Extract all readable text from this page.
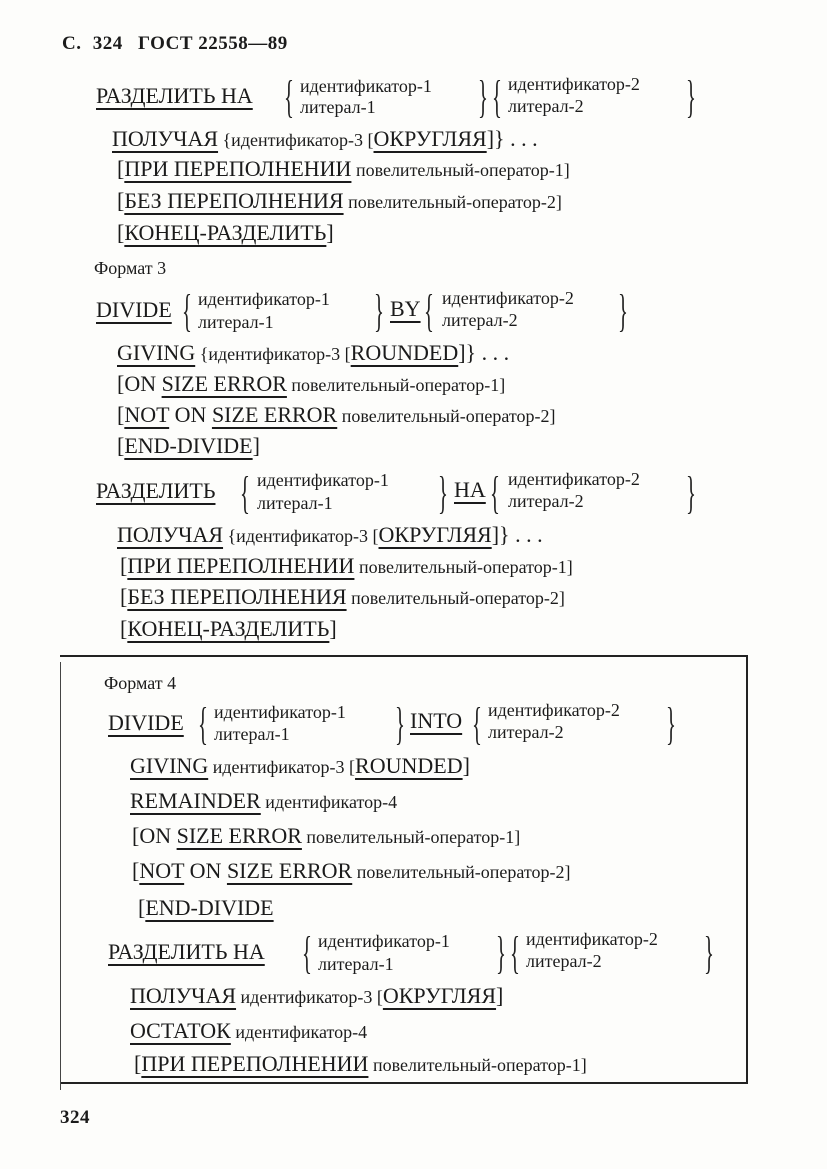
С. 324 ГОСТ 22558—89
РАЗДЕЛИТЬ НА { идентификатор-1
литерал-1 } { идентификатор-2
литерал-2 }
ПОЛУЧАЯ {идентификатор-3 [ОКРУГЛЯЯ]} . . .
[ПРИ ПЕРЕПОЛНЕНИИ повелительный-оператор-1]
[БЕЗ ПЕРЕПОЛНЕНИЯ повелительный-оператор-2]
[КОНЕЦ-РАЗДЕЛИТЬ]
Формат 3
DIVIDE { идентификатор-1
литерал-1 } BY { идентификатор-2
литерал-2 }
GIVING {идентификатор-3 [ROUNDED]} . . .
[ON SIZE ERROR повелительный-оператор-1]
[NOT ON SIZE ERROR повелительный-оператор-2]
[END-DIVIDE]
РАЗДЕЛИТЬ { идентификатор-1
литерал-1 } НА { идентификатор-2
литерал-2 }
ПОЛУЧАЯ {идентификатор-3 [ОКРУГЛЯЯ]} . . .
[ПРИ ПЕРЕПОЛНЕНИИ повелительный-оператор-1]
[БЕЗ ПЕРЕПОЛНЕНИЯ повелительный-оператор-2]
[КОНЕЦ-РАЗДЕЛИТЬ]
Формат 4
DIVIDE { идентификатор-1
литерал-1 } INTO { идентификатор-2
литерал-2 }
GIVING идентификатор-3 [ROUNDED]
REMAINDER идентификатор-4
[ON SIZE ERROR повелительный-оператор-1]
[NOT ON SIZE ERROR повелительный-оператор-2]
[END-DIVIDE
РАЗДЕЛИТЬ НА { идентификатор-1
литерал-1 } { идентификатор-2
литерал-2 }
ПОЛУЧАЯ идентификатор-3 [ОКРУГЛЯЯ]
ОСТАТОК идентификатор-4
[ПРИ ПЕРЕПОЛНЕНИИ повелительный-оператор-1]
324
